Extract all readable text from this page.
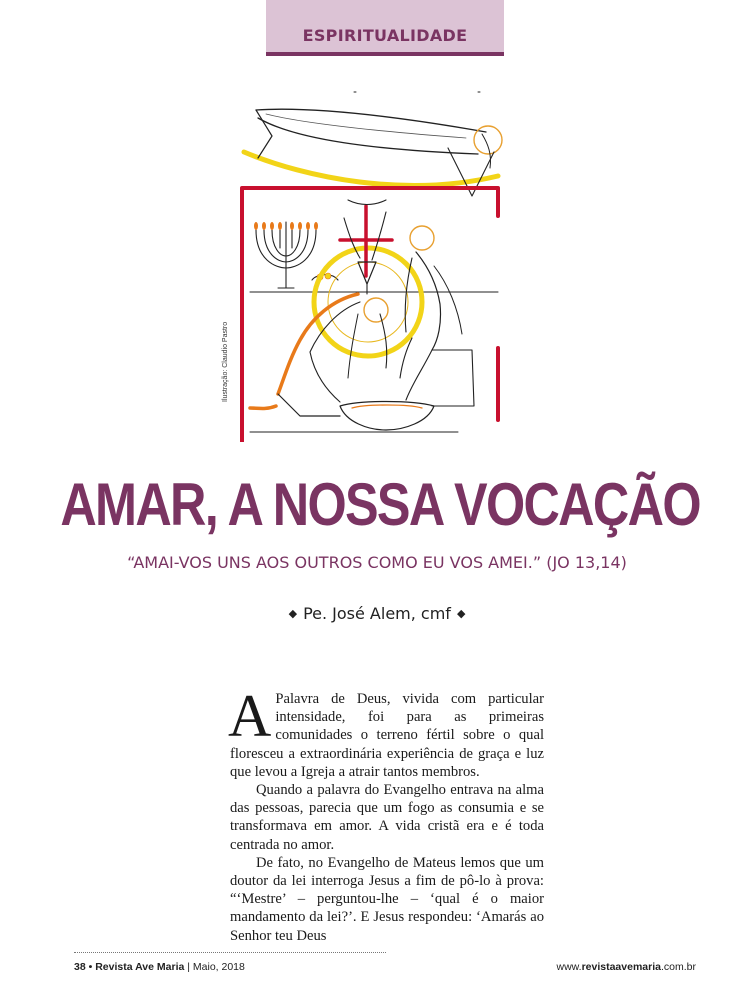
ESPIRITUALIDADE
Ilustração: Claudio Pastro
AMAR, A NOSSA VOCAÇÃO
“AMAI-VOS UNS AOS OUTROS COMO EU VOS AMEI.” (JO 13,14)
◆ Pe. José Alem, cmf ◆

A Palavra de Deus, vivida com particular intensidade, foi para as primeiras comunidades o terreno fértil sobre o qual floresceu a extraordinária experiência de graça e luz que levou a Igreja a atrair tantos membros.

Quando a palavra do Evangelho entrava na alma das pessoas, parecia que um fogo as consumia e se transformava em amor. A vida cristã era e é toda centrada no amor.

De fato, no Evangelho de Mateus lemos que um doutor da lei interroga Jesus a fim de pô-lo à prova: “‘Mestre’ – perguntou-lhe – ‘qual é o maior mandamento da lei?’. E Jesus respondeu: ‘Amarás ao Senhor teu Deus

38 • Revista Ave Maria | Maio, 2018	www.revistaavemaria.com.br
